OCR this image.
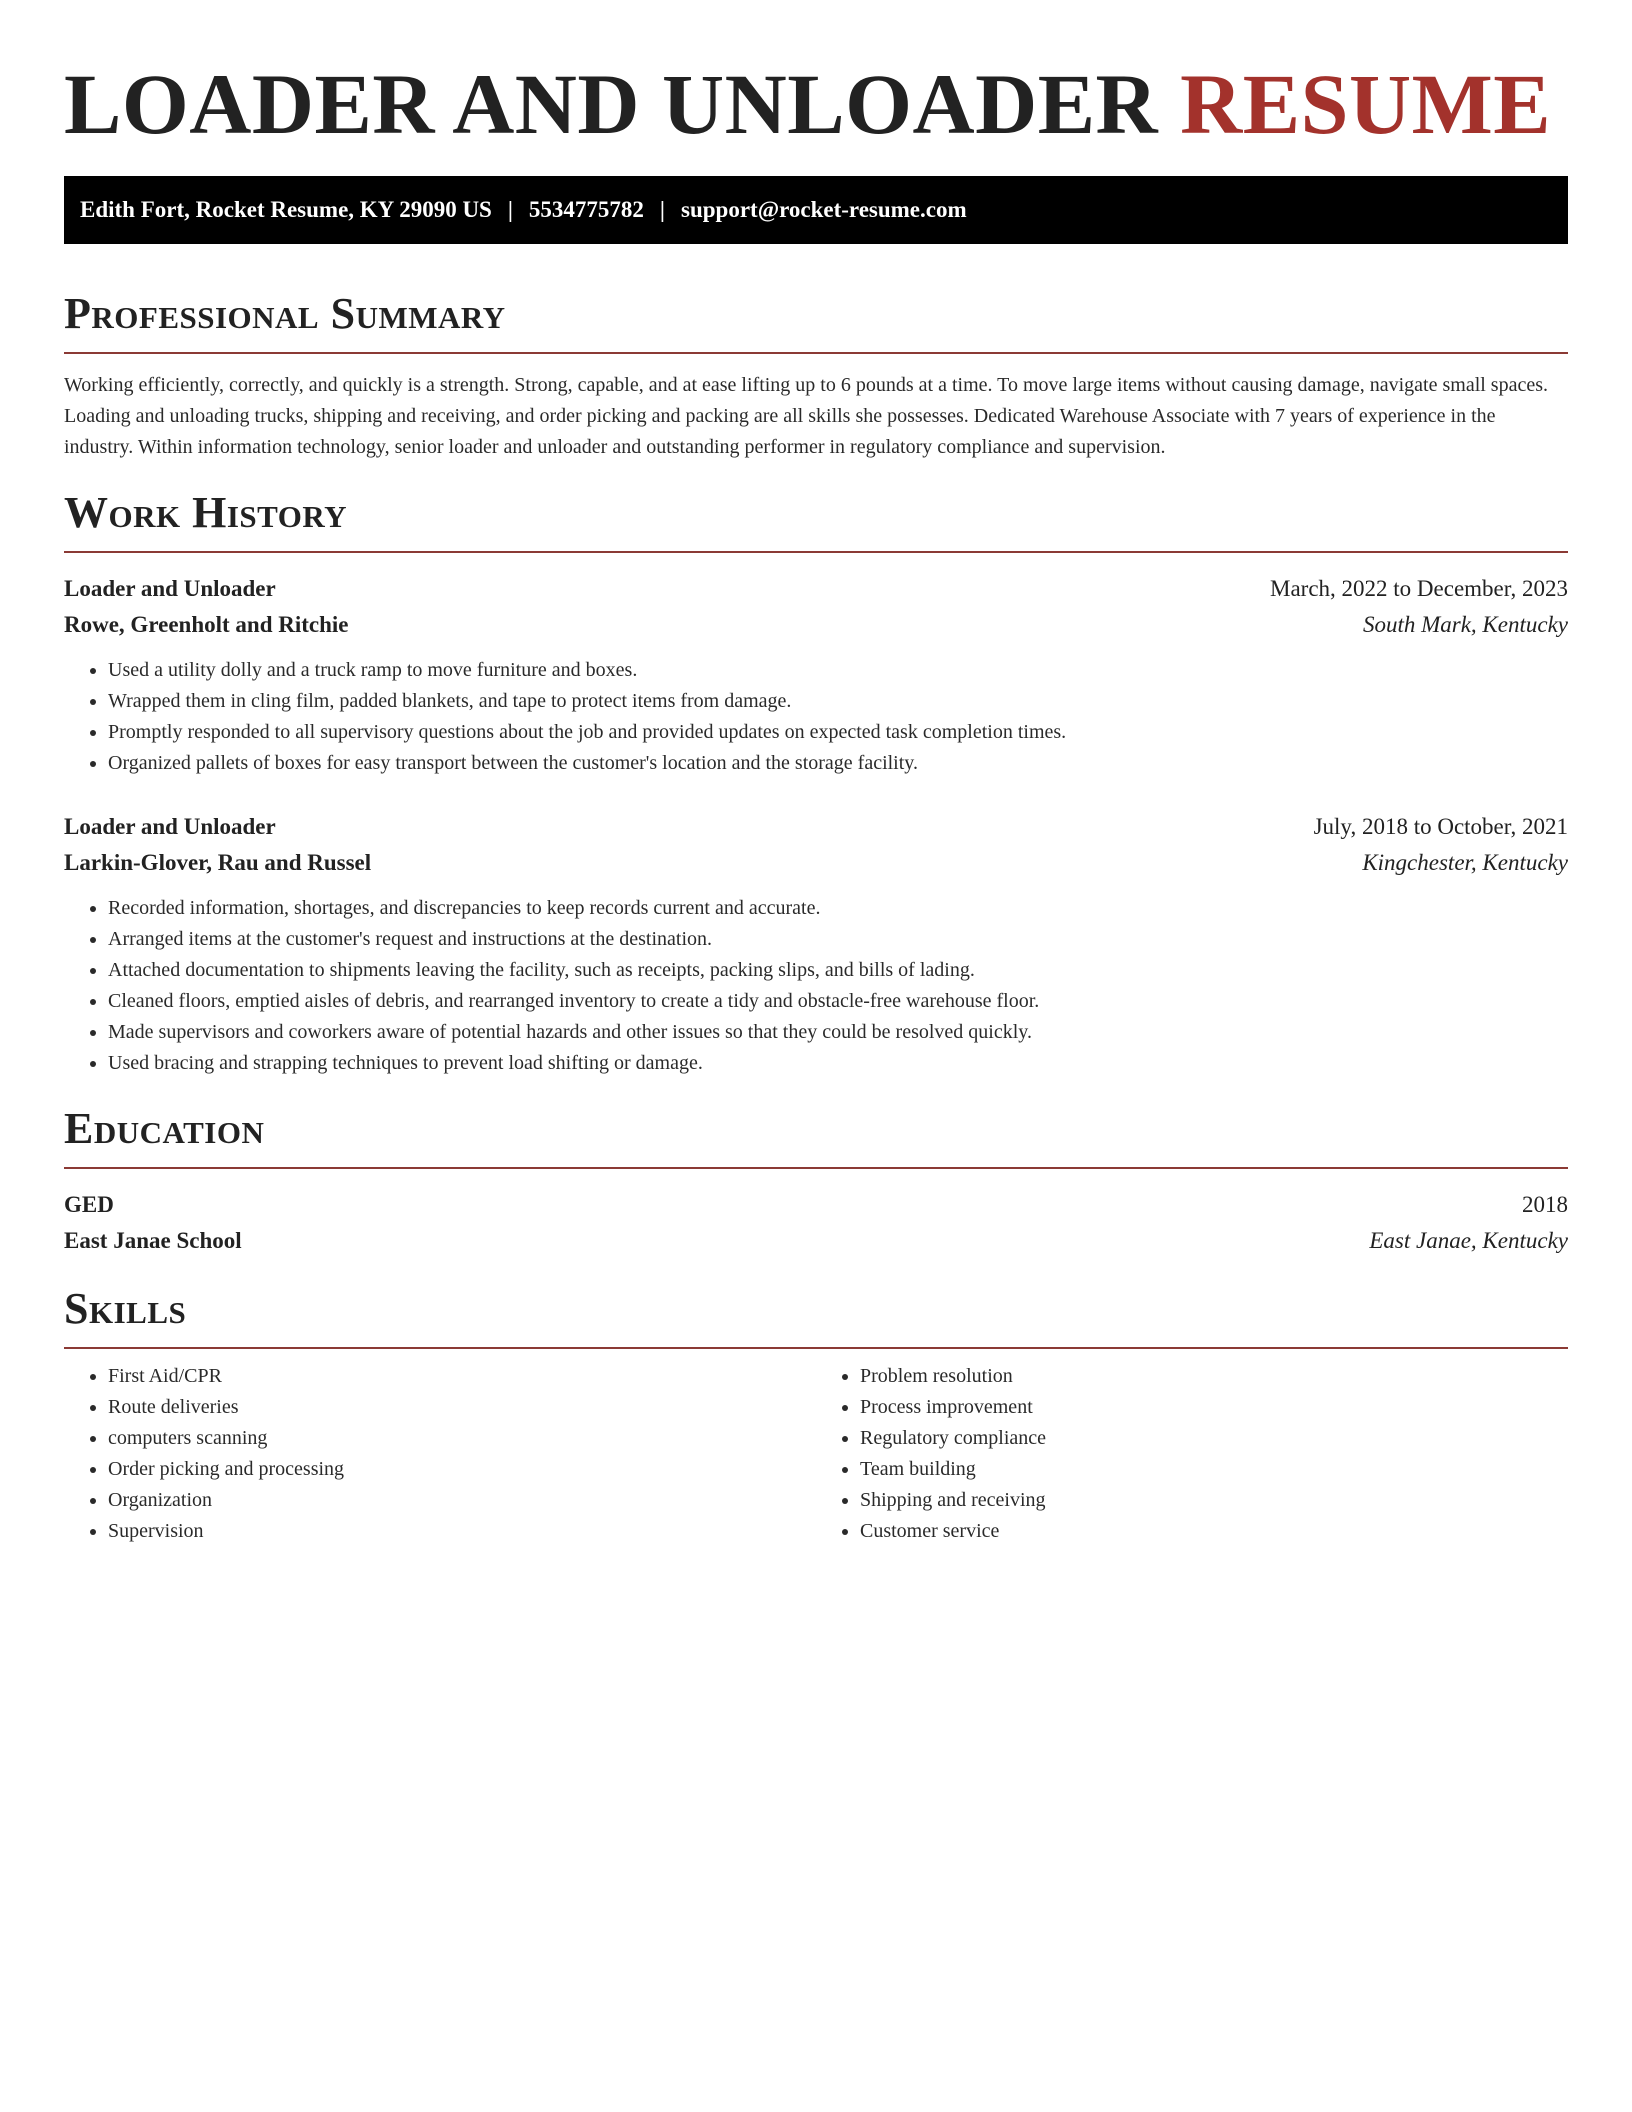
LOADER AND UNLOADER RESUME
Edith Fort, Rocket Resume, KY 29090 US | 5534775782 | support@rocket-resume.com
Professional Summary

Working efficiently, correctly, and quickly is a strength. Strong, capable, and at ease lifting up to 6 pounds at a time. To move large items without causing damage, navigate small spaces. Loading and unloading trucks, shipping and receiving, and order picking and packing are all skills she possesses. Dedicated Warehouse Associate with 7 years of experience in the industry. Within information technology, senior loader and unloader and outstanding performer in regulatory compliance and supervision.

Work History
Loader and Unloader	March, 2022 to December, 2023
Rowe, Greenholt and Ritchie	South Mark, Kentucky
• Used a utility dolly and a truck ramp to move furniture and boxes.
• Wrapped them in cling film, padded blankets, and tape to protect items from damage.
• Promptly responded to all supervisory questions about the job and provided updates on expected task completion times.
• Organized pallets of boxes for easy transport between the customer's location and the storage facility.
Loader and Unloader	July, 2018 to October, 2021
Larkin-Glover, Rau and Russel	Kingchester, Kentucky
• Recorded information, shortages, and discrepancies to keep records current and accurate.
• Arranged items at the customer's request and instructions at the destination.
• Attached documentation to shipments leaving the facility, such as receipts, packing slips, and bills of lading.
• Cleaned floors, emptied aisles of debris, and rearranged inventory to create a tidy and obstacle-free warehouse floor.
• Made supervisors and coworkers aware of potential hazards and other issues so that they could be resolved quickly.
• Used bracing and strapping techniques to prevent load shifting or damage.
Education
GED	2018
East Janae School	East Janae, Kentucky
Skills
• First Aid/CPR
• Route deliveries
• computers scanning
• Order picking and processing
• Organization
• Supervision
• Problem resolution
• Process improvement
• Regulatory compliance
• Team building
• Shipping and receiving
• Customer service
